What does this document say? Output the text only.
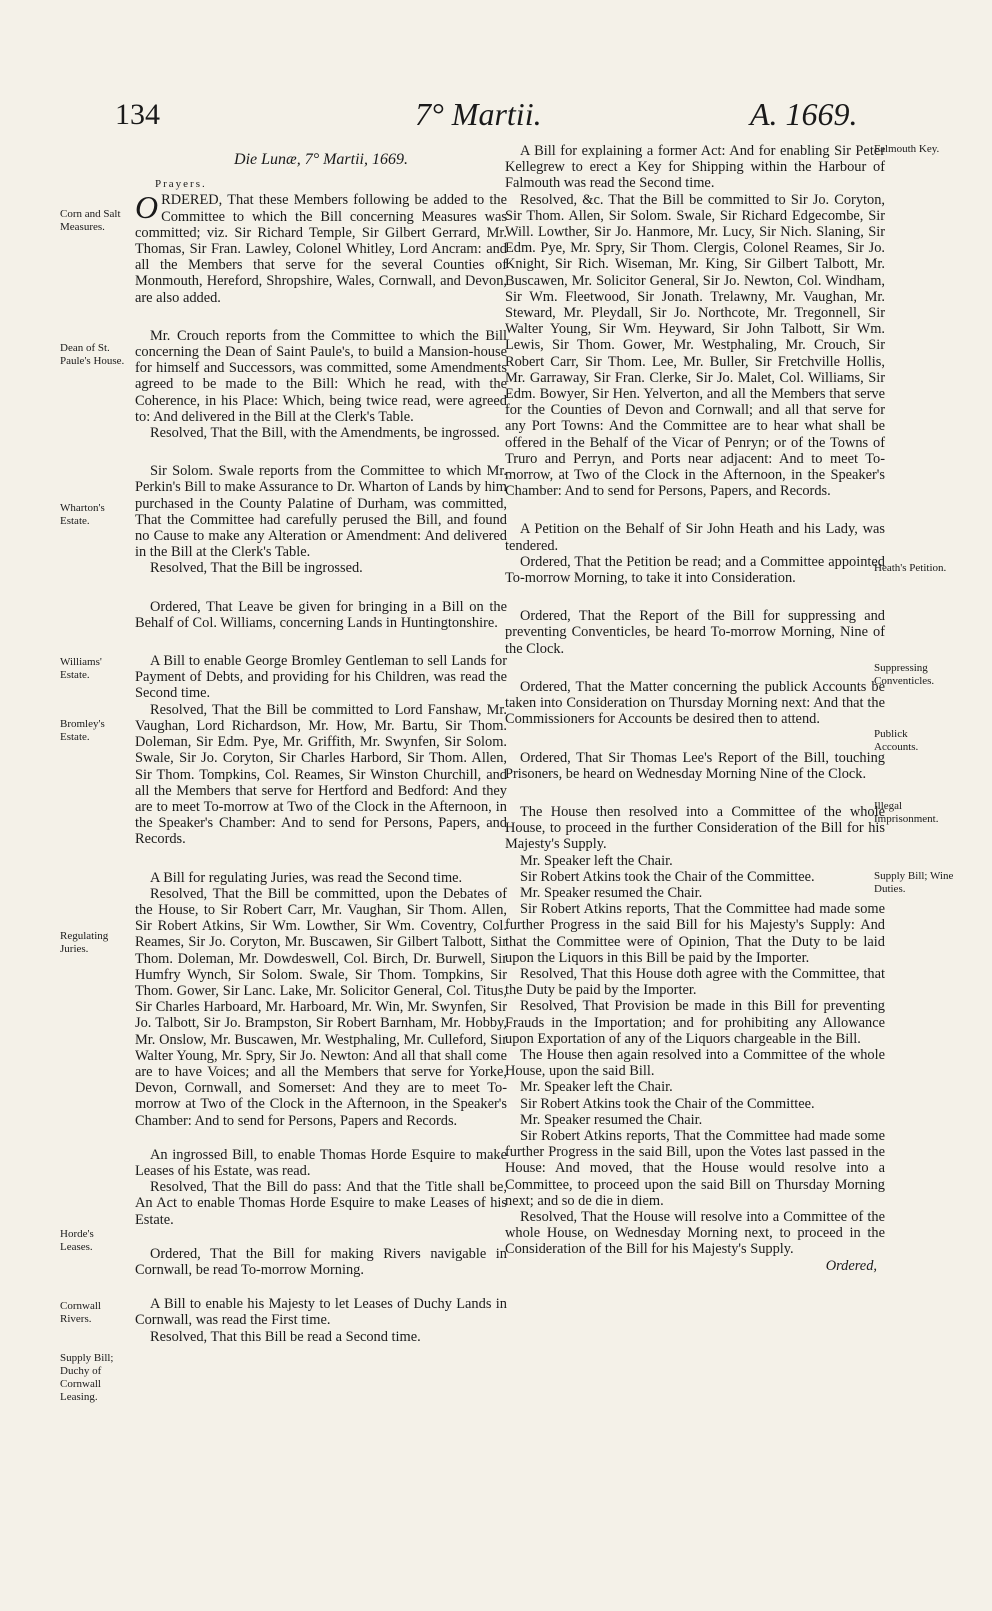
134	7° Martii.	A. 1669.
Corn and Salt Measures.
Dean of St. Paule's House.
Wharton's Estate.
Williams' Estate.
Bromley's Estate.
Regulating Juries.
Horde's Leases.
Cornwall Rivers.
Supply Bill; Duchy of Cornwall Leasing.
Falmouth Key.
Heath's Petition.
Suppressing Conventicles.
Publick Accounts.
Illegal Imprisonment.
Supply Bill; Wine Duties.

Die Lunæ, 7° Martii, 1669.

Prayers.

ORDERED, That these Members following be added to the Committee to which the Bill concerning Measures was committed; viz. Sir Richard Temple, Sir Gilbert Gerrard, Mr. Thomas, Sir Fran. Lawley, Colonel Whitley, Lord Ancram: and all the Members that serve for the several Counties of Monmouth, Hereford, Shropshire, Wales, Cornwall, and Devon, are also added.

Mr. Crouch reports from the Committee to which the Bill concerning the Dean of Saint Paule's, to build a Mansion-house for himself and Successors, was committed, some Amendments agreed to be made to the Bill: Which he read, with the Coherence, in his Place: Which, being twice read, were agreed to: And delivered in the Bill at the Clerk's Table.

Resolved, That the Bill, with the Amendments, be ingrossed.

Sir Solom. Swale reports from the Committee to which Mr. Perkin's Bill to make Assurance to Dr. Wharton of Lands by him purchased in the County Palatine of Durham, was committed, That the Committee had carefully perused the Bill, and found no Cause to make any Alteration or Amendment: And delivered in the Bill at the Clerk's Table.

Resolved, That the Bill be ingrossed.

Ordered, That Leave be given for bringing in a Bill on the Behalf of Col. Williams, concerning Lands in Huntingtonshire.

A Bill to enable George Bromley Gentleman to sell Lands for Payment of Debts, and providing for his Children, was read the Second time.

Resolved, That the Bill be committed to Lord Fanshaw, Mr. Vaughan, Lord Richardson, Mr. How, Mr. Bartu, Sir Thom. Doleman, Sir Edm. Pye, Mr. Griffith, Mr. Swynfen, Sir Solom. Swale, Sir Jo. Coryton, Sir Charles Harbord, Sir Thom. Allen, Sir Thom. Tompkins, Col. Reames, Sir Winston Churchill, and all the Members that serve for Hertford and Bedford: And they are to meet To-morrow at Two of the Clock in the Afternoon, in the Speaker's Chamber: And to send for Persons, Papers, and Records.

A Bill for regulating Juries, was read the Second time.

Resolved, That the Bill be committed, upon the Debates of the House, to Sir Robert Carr, Mr. Vaughan, Sir Thom. Allen, Sir Robert Atkins, Sir Wm. Lowther, Sir Wm. Coventry, Col. Reames, Sir Jo. Coryton, Mr. Buscawen, Sir Gilbert Talbott, Sir Thom. Doleman, Mr. Dowdeswell, Col. Birch, Dr. Burwell, Sir Humfry Wynch, Sir Solom. Swale, Sir Thom. Tompkins, Sir Thom. Gower, Sir Lanc. Lake, Mr. Solicitor General, Col. Titus, Sir Charles Harboard, Mr. Harboard, Mr. Win, Mr. Swynfen, Sir Jo. Talbott, Sir Jo. Brampston, Sir Robert Barnham, Mr. Hobby, Mr. Onslow, Mr. Buscawen, Mr. Westphaling, Mr. Culleford, Sir Walter Young, Mr. Spry, Sir Jo. Newton: And all that shall come are to have Voices; and all the Members that serve for Yorke, Devon, Cornwall, and Somerset: And they are to meet To-morrow at Two of the Clock in the Afternoon, in the Speaker's Chamber: And to send for Persons, Papers and Records.

An ingrossed Bill, to enable Thomas Horde Esquire to make Leases of his Estate, was read.

Resolved, That the Bill do pass: And that the Title shall be, An Act to enable Thomas Horde Esquire to make Leases of his Estate.

Ordered, That the Bill for making Rivers navigable in Cornwall, be read To-morrow Morning.

A Bill to enable his Majesty to let Leases of Duchy Lands in Cornwall, was read the First time.

Resolved, That this Bill be read a Second time.

A Bill for explaining a former Act: And for enabling Sir Peter Kellegrew to erect a Key for Shipping within the Harbour of Falmouth was read the Second time.

Resolved, &c. That the Bill be committed to Sir Jo. Coryton, Sir Thom. Allen, Sir Solom. Swale, Sir Richard Edgecombe, Sir Will. Lowther, Sir Jo. Hanmore, Mr. Lucy, Sir Nich. Slaning, Sir Edm. Pye, Mr. Spry, Sir Thom. Clergis, Colonel Reames, Sir Jo. Knight, Sir Rich. Wiseman, Mr. King, Sir Gilbert Talbott, Mr. Buscawen, Mr. Solicitor General, Sir Jo. Newton, Col. Windham, Sir Wm. Fleetwood, Sir Jonath. Trelawny, Mr. Vaughan, Mr. Steward, Mr. Pleydall, Sir Jo. Northcote, Mr. Tregonnell, Sir Walter Young, Sir Wm. Heyward, Sir John Talbott, Sir Wm. Lewis, Sir Thom. Gower, Mr. Westphaling, Mr. Crouch, Sir Robert Carr, Sir Thom. Lee, Mr. Buller, Sir Fretchville Hollis, Mr. Garraway, Sir Fran. Clerke, Sir Jo. Malet, Col. Williams, Sir Edm. Bowyer, Sir Hen. Yelverton, and all the Members that serve for the Counties of Devon and Cornwall; and all that serve for any Port Towns: And the Committee are to hear what shall be offered in the Behalf of the Vicar of Penryn; or of the Towns of Truro and Perryn, and Ports near adjacent: And to meet To-morrow, at Two of the Clock in the Afternoon, in the Speaker's Chamber: And to send for Persons, Papers, and Records.

A Petition on the Behalf of Sir John Heath and his Lady, was tendered.

Ordered, That the Petition be read; and a Committee appointed To-morrow Morning, to take it into Consideration.

Ordered, That the Report of the Bill for suppressing and preventing Conventicles, be heard To-morrow Morning, Nine of the Clock.

Ordered, That the Matter concerning the publick Accounts be taken into Consideration on Thursday Morning next: And that the Commissioners for Accounts be desired then to attend.

Ordered, That Sir Thomas Lee's Report of the Bill, touching Prisoners, be heard on Wednesday Morning Nine of the Clock.

The House then resolved into a Committee of the whole House, to proceed in the further Consideration of the Bill for his Majesty's Supply.

Mr. Speaker left the Chair.

Sir Robert Atkins took the Chair of the Committee.

Mr. Speaker resumed the Chair.

Sir Robert Atkins reports, That the Committee had made some further Progress in the said Bill for his Majesty's Supply: And that the Committee were of Opinion, That the Duty to be laid upon the Liquors in this Bill be paid by the Importer.

Resolved, That this House doth agree with the Committee, that the Duty be paid by the Importer.

Resolved, That Provision be made in this Bill for preventing Frauds in the Importation; and for prohibiting any Allowance upon Exportation of any of the Liquors chargeable in the Bill.

The House then again resolved into a Committee of the whole House, upon the said Bill.

Mr. Speaker left the Chair.

Sir Robert Atkins took the Chair of the Committee.

Mr. Speaker resumed the Chair.

Sir Robert Atkins reports, That the Committee had made some further Progress in the said Bill, upon the Votes last passed in the House: And moved, that the House would resolve into a Committee, to proceed upon the said Bill on Thursday Morning next; and so de die in diem.

Resolved, That the House will resolve into a Committee of the whole House, on Wednesday Morning next, to proceed in the Consideration of the Bill for his Majesty's Supply.

Ordered,
